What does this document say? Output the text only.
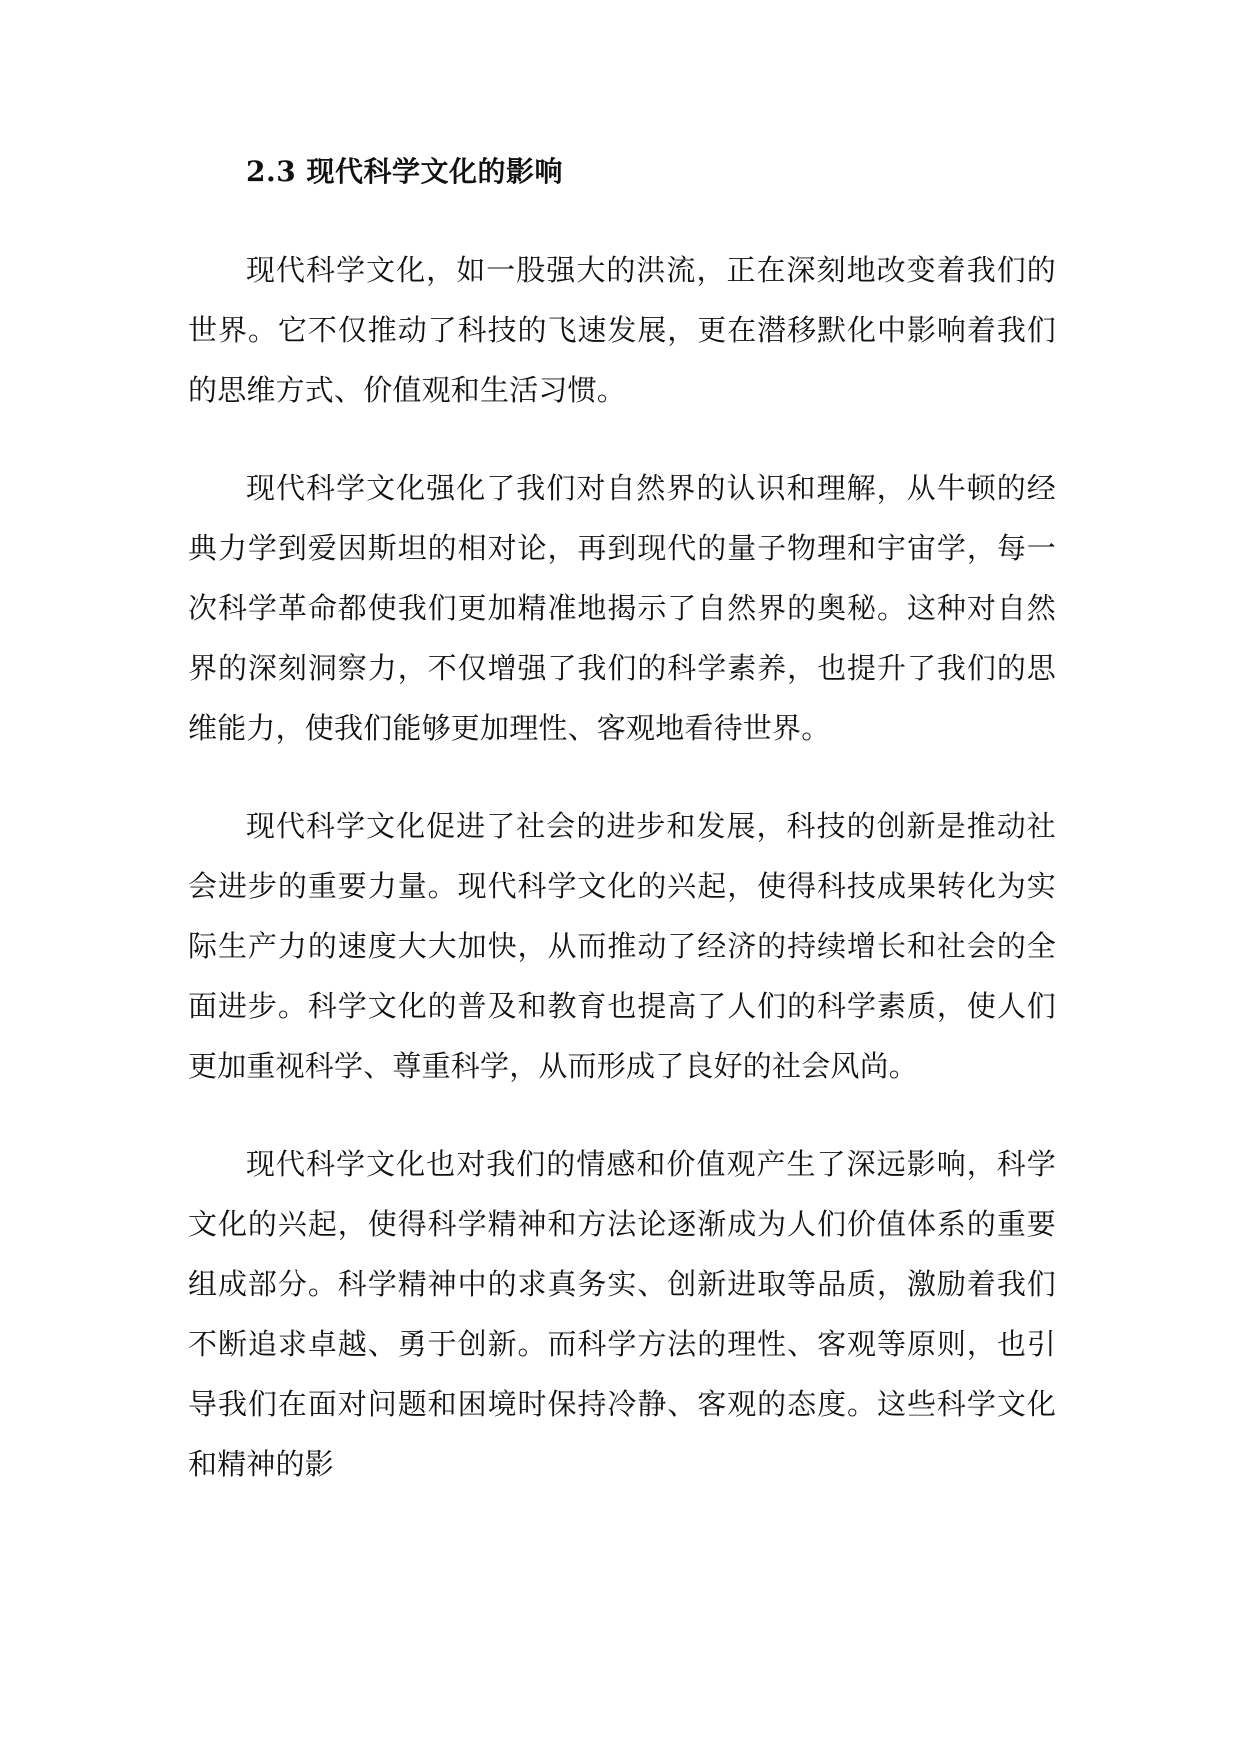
2.3 现代科学文化的影响

现代科学文化，如一股强大的洪流，正在深刻地改变着我们的世界。它不仅推动了科技的飞速发展，更在潜移默化中影响着我们的思维方式、价值观和生活习惯。

现代科学文化强化了我们对自然界的认识和理解，从牛顿的经典力学到爱因斯坦的相对论，再到现代的量子物理和宇宙学，每一次科学革命都使我们更加精准地揭示了自然界的奥秘。这种对自然界的深刻洞察力，不仅增强了我们的科学素养，也提升了我们的思维能力，使我们能够更加理性、客观地看待世界。

现代科学文化促进了社会的进步和发展，科技的创新是推动社会进步的重要力量。现代科学文化的兴起，使得科技成果转化为实际生产力的速度大大加快，从而推动了经济的持续增长和社会的全面进步。科学文化的普及和教育也提高了人们的科学素质，使人们更加重视科学、尊重科学，从而形成了良好的社会风尚。

现代科学文化也对我们的情感和价值观产生了深远影响，科学文化的兴起，使得科学精神和方法论逐渐成为人们价值体系的重要组成部分。科学精神中的求真务实、创新进取等品质，激励着我们不断追求卓越、勇于创新。而科学方法的理性、客观等原则，也引导我们在面对问题和困境时保持冷静、客观的态度。这些科学文化和精神的影
